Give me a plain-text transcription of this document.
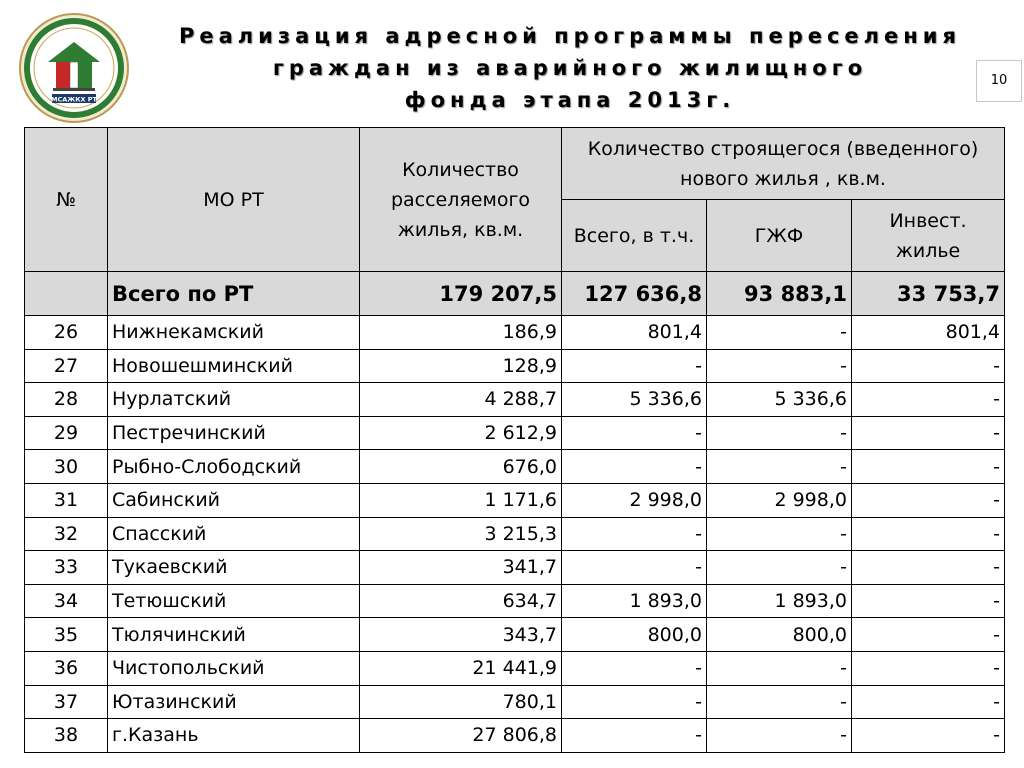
МСАЖКХ РТ
Реализация адресной программы переселения
граждан из аварийного жилищного
фонда этапа 2013г.
10
№	МО РТ	Количество расселяемого жилья, кв.м.	Количество строящегося (введенного) нового жилья , кв.м.		
			Всего, в т.ч.	ГЖФ	Инвест. жилье
	Всего по РТ	179 207,5	127 636,8	93 883,1	33 753,7
26	Нижнекамский	186,9	801,4	-	801,4
27	Новошешминский	128,9	-	-	-
28	Нурлатский	4 288,7	5 336,6	5 336,6	-
29	Пестречинский	2 612,9	-	-	-
30	Рыбно-Слободский	676,0	-	-	-
31	Сабинский	1 171,6	2 998,0	2 998,0	-
32	Спасский	3 215,3	-	-	-
33	Тукаевский	341,7	-	-	-
34	Тетюшский	634,7	1 893,0	1 893,0	-
35	Тюлячинский	343,7	800,0	800,0	-
36	Чистопольский	21 441,9	-	-	-
37	Ютазинский	780,1	-	-	-
38	г.Казань	27 806,8	-	-	-
